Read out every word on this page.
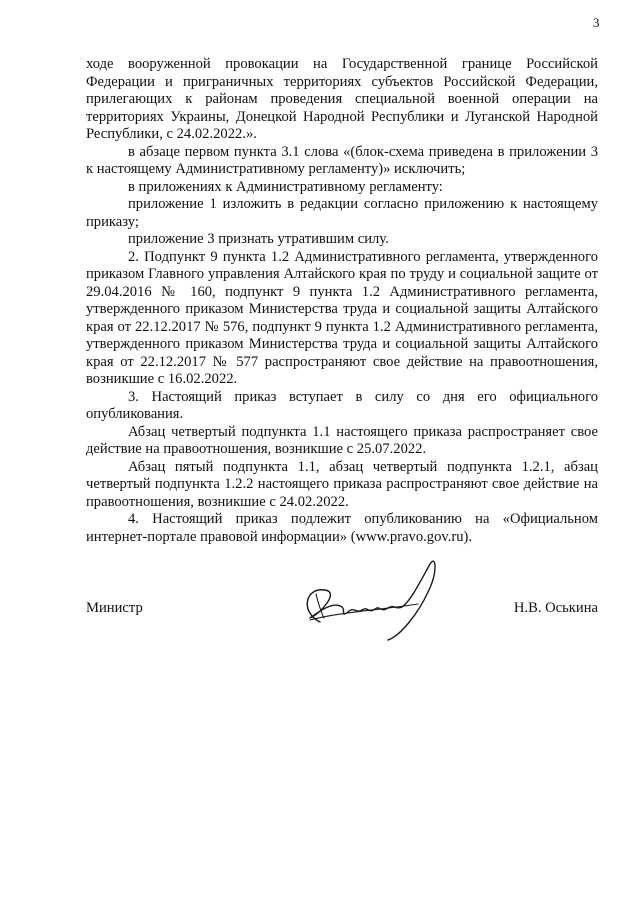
3

ходе вооруженной провокации на Государственной границе Российской Федерации и приграничных территориях субъектов Российской Федерации, прилегающих к районам проведения специальной военной операции на территориях Украины, Донецкой Народной Республики и Луганской Народной Республики, с 24.02.2022.».

в абзаце первом пункта 3.1 слова «(блок-схема приведена в приложении 3 к настоящему Административному регламенту)» исключить;

в приложениях к Административному регламенту:

приложение 1 изложить в редакции согласно приложению к настоящему приказу;

приложение 3 признать утратившим силу.

2. Подпункт 9 пункта 1.2 Административного регламента, утвержденного приказом Главного управления Алтайского края по труду и социальной защите от 29.04.2016 № 160, подпункт 9 пункта 1.2 Административного регламента, утвержденного приказом Министерства труда и социальной защиты Алтайского края от 22.12.2017 № 576, подпункт 9 пункта 1.2 Административного регламента, утвержденного приказом Министерства труда и социальной защиты Алтайского края от 22.12.2017 № 577 распространяют свое действие на правоотношения, возникшие с 16.02.2022.

3. Настоящий приказ вступает в силу со дня его официального опубликования.

Абзац четвертый подпункта 1.1 настоящего приказа распространяет свое действие на правоотношения, возникшие с 25.07.2022.

Абзац пятый подпункта 1.1, абзац четвертый подпункта 1.2.1, абзац четвертый подпункта 1.2.2 настоящего приказа распространяют свое действие на правоотношения, возникшие с 24.02.2022.

4. Настоящий приказ подлежит опубликованию на «Официальном интернет-портале правовой информации» (www.pravo.gov.ru).

Министр	Н.В. Оськина
